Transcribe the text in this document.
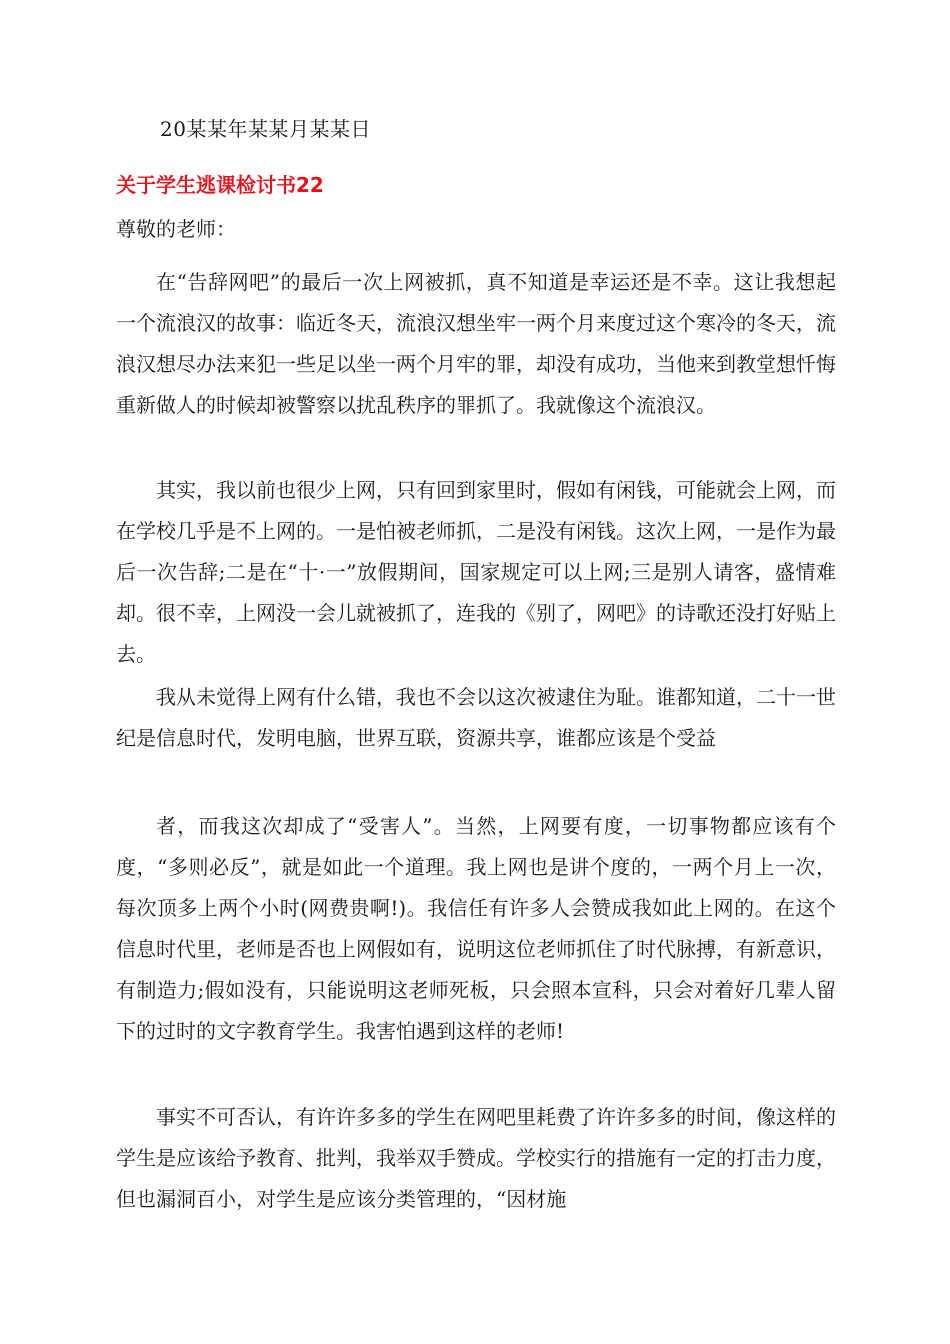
20某某年某某月某某日
关于学生逃课检讨书22
尊敬的老师：

在“告辞网吧”的最后一次上网被抓，真不知道是幸运还是不幸。这让我想起一个流浪汉的故事：临近冬天，流浪汉想坐牢一两个月来度过这个寒冷的冬天，流浪汉想尽办法来犯一些足以坐一两个月牢的罪，却没有成功，当他来到教堂想忏悔重新做人的时候却被警察以扰乱秩序的罪抓了。我就像这个流浪汉。

其实，我以前也很少上网，只有回到家里时，假如有闲钱，可能就会上网，而在学校几乎是不上网的。一是怕被老师抓，二是没有闲钱。这次上网，一是作为最后一次告辞;二是在“十·一”放假期间，国家规定可以上网;三是别人请客，盛情难却。很不幸，上网没一会儿就被抓了，连我的《别了，网吧》的诗歌还没打好贴上去。

我从未觉得上网有什么错，我也不会以这次被逮住为耻。谁都知道，二十一世纪是信息时代，发明电脑，世界互联，资源共享，谁都应该是个受益

者，而我这次却成了“受害人”。当然，上网要有度，一切事物都应该有个度，“多则必反”，就是如此一个道理。我上网也是讲个度的，一两个月上一次，每次顶多上两个小时(网费贵啊!)。我信任有许多人会赞成我如此上网的。在这个信息时代里，老师是否也上网假如有，说明这位老师抓住了时代脉搏，有新意识，有制造力;假如没有，只能说明这老师死板，只会照本宣科，只会对着好几辈人留下的过时的文字教育学生。我害怕遇到这样的老师!

事实不可否认，有许许多多的学生在网吧里耗费了许许多多的时间，像这样的学生是应该给予教育、批判，我举双手赞成。学校实行的措施有一定的打击力度，但也漏洞百小，对学生是应该分类管理的，“因材施
